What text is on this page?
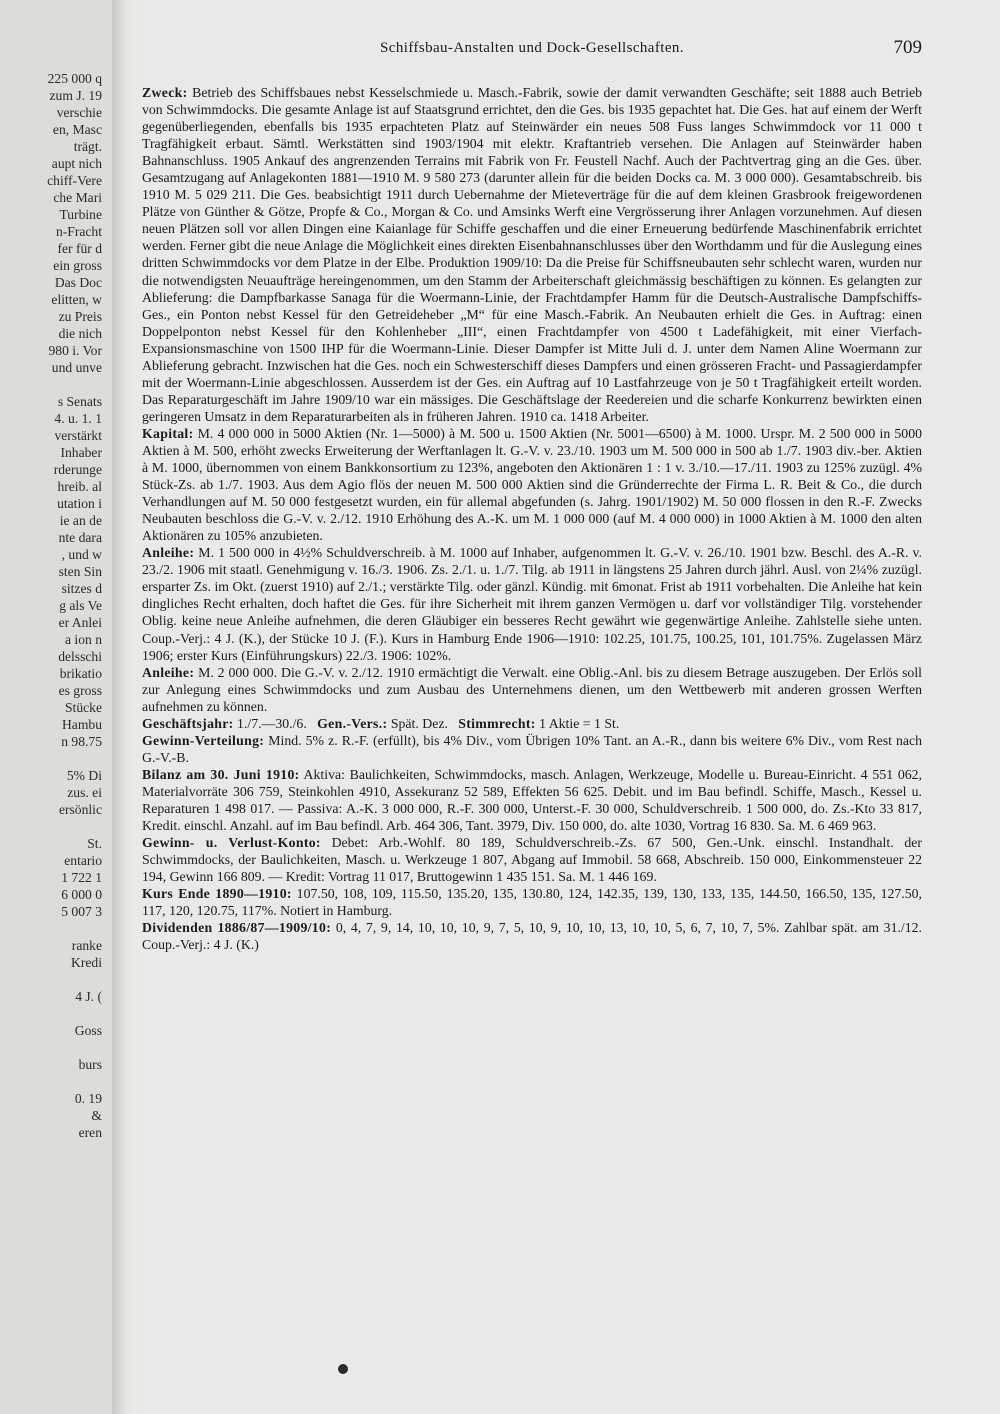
225 000 q
zum J. 19
verschie
en, Masc
trägt.
aupt nich
chiff-Vere
che Mari
Turbine
n-Fracht
fer für d
ein gross
Das Doc
elitten, w
zu Preis
die nich
980 i. Vor
und unve

s Senats
4. u. 1. 1
verstärkt
Inhaber
rderunge
hreib. al
utation i
ie an de
nte dara
, und w
sten Sin
sitzes d
g als Ve
er Anlei
a ion n
delsschi
brikatio
es gross
Stücke
Hambu
n 98.75

5% Di
zus. ei
ersönlic

St.
entario
1 722 1
6 000 0
5 007 3

ranke
Kredi

4 J. (

Goss

burs

0. 19
&
eren
Schiffsbau-Anstalten und Dock-Gesellschaften.	709

Zweck: Betrieb des Schiffsbaues nebst Kesselschmiede u. Masch.-Fabrik, sowie der damit verwandten Geschäfte; seit 1888 auch Betrieb von Schwimmdocks. Die gesamte Anlage ist auf Staatsgrund errichtet, den die Ges. bis 1935 gepachtet hat. Die Ges. hat auf einem der Werft gegenüberliegenden, ebenfalls bis 1935 erpachteten Platz auf Steinwärder ein neues 508 Fuss langes Schwimmdock vor 11 000 t Tragfähigkeit erbaut. Sämtl. Werkstätten sind 1903/1904 mit elektr. Kraftantrieb versehen. Die Anlagen auf Steinwärder haben Bahnanschluss. 1905 Ankauf des angrenzenden Terrains mit Fabrik von Fr. Feustell Nachf. Auch der Pachtvertrag ging an die Ges. über. Gesamtzugang auf Anlagekonten 1881—1910 M. 9 580 273 (darunter allein für die beiden Docks ca. M. 3 000 000). Gesamtabschreib. bis 1910 M. 5 029 211. Die Ges. beabsichtigt 1911 durch Uebernahme der Mieteverträge für die auf dem kleinen Grasbrook freigewordenen Plätze von Günther & Götze, Propfe & Co., Morgan & Co. und Amsinks Werft eine Vergrösserung ihrer Anlagen vorzunehmen. Auf diesen neuen Plätzen soll vor allen Dingen eine Kaianlage für Schiffe geschaffen und die einer Erneuerung bedürfende Maschinenfabrik errichtet werden. Ferner gibt die neue Anlage die Möglichkeit eines direkten Eisenbahnanschlusses über den Worthdamm und für die Auslegung eines dritten Schwimmdocks vor dem Platze in der Elbe. Produktion 1909/10: Da die Preise für Schiffsneubauten sehr schlecht waren, wurden nur die notwendigsten Neuaufträge hereingenommen, um den Stamm der Arbeiterschaft gleichmässig beschäftigen zu können. Es gelangten zur Ablieferung: die Dampfbarkasse Sanaga für die Woermann-Linie, der Frachtdampfer Hamm für die Deutsch-Australische Dampfschiffs-Ges., ein Ponton nebst Kessel für den Getreideheber „M“ für eine Masch.-Fabrik. An Neubauten erhielt die Ges. in Auftrag: einen Doppelponton nebst Kessel für den Kohlenheber „III“, einen Frachtdampfer von 4500 t Ladefähigkeit, mit einer Vierfach-Expansionsmaschine von 1500 IHP für die Woermann-Linie. Dieser Dampfer ist Mitte Juli d. J. unter dem Namen Aline Woermann zur Ablieferung gebracht. Inzwischen hat die Ges. noch ein Schwesterschiff dieses Dampfers und einen grösseren Fracht- und Passagierdampfer mit der Woermann-Linie abgeschlossen. Ausserdem ist der Ges. ein Auftrag auf 10 Lastfahrzeuge von je 50 t Tragfähigkeit erteilt worden. Das Reparaturgeschäft im Jahre 1909/10 war ein mässiges. Die Geschäftslage der Reedereien und die scharfe Konkurrenz bewirkten einen geringeren Umsatz in dem Reparaturarbeiten als in früheren Jahren. 1910 ca. 1418 Arbeiter.

Kapital: M. 4 000 000 in 5000 Aktien (Nr. 1—5000) à M. 500 u. 1500 Aktien (Nr. 5001—6500) à M. 1000. Urspr. M. 2 500 000 in 5000 Aktien à M. 500, erhöht zwecks Erweiterung der Werftanlagen lt. G.-V. v. 23./10. 1903 um M. 500 000 in 500 ab 1./7. 1903 div.-ber. Aktien à M. 1000, übernommen von einem Bankkonsortium zu 123%, angeboten den Aktionären 1 : 1 v. 3./10.—17./11. 1903 zu 125% zuzügl. 4% Stück-Zs. ab 1./7. 1903. Aus dem Agio flös der neuen M. 500 000 Aktien sind die Gründerrechte der Firma L. R. Beit & Co., die durch Verhandlungen auf M. 50 000 festgesetzt wurden, ein für allemal abgefunden (s. Jahrg. 1901/1902) M. 50 000 flossen in den R.-F. Zwecks Neubauten beschloss die G.-V. v. 2./12. 1910 Erhöhung des A.-K. um M. 1 000 000 (auf M. 4 000 000) in 1000 Aktien à M. 1000 den alten Aktionären zu 105% anzubieten.

Anleihe: M. 1 500 000 in 4½% Schuldverschreib. à M. 1000 auf Inhaber, aufgenommen lt. G.-V. v. 26./10. 1901 bzw. Beschl. des A.-R. v. 23./2. 1906 mit staatl. Genehmigung v. 16./3. 1906. Zs. 2./1. u. 1./7. Tilg. ab 1911 in längstens 25 Jahren durch jährl. Ausl. von 2¼% zuzügl. ersparter Zs. im Okt. (zuerst 1910) auf 2./1.; verstärkte Tilg. oder gänzl. Kündig. mit 6monat. Frist ab 1911 vorbehalten. Die Anleihe hat kein dingliches Recht erhalten, doch haftet die Ges. für ihre Sicherheit mit ihrem ganzen Vermögen u. darf vor vollständiger Tilg. vorstehender Oblig. keine neue Anleihe aufnehmen, die deren Gläubiger ein besseres Recht gewährt wie gegenwärtige Anleihe. Zahlstelle siehe unten. Coup.-Verj.: 4 J. (K.), der Stücke 10 J. (F.). Kurs in Hamburg Ende 1906—1910: 102.25, 101.75, 100.25, 101, 101.75%. Zugelassen März 1906; erster Kurs (Einführungskurs) 22./3. 1906: 102%.

Anleihe: M. 2 000 000. Die G.-V. v. 2./12. 1910 ermächtigt die Verwalt. eine Oblig.-Anl. bis zu diesem Betrage auszugeben. Der Erlös soll zur Anlegung eines Schwimmdocks und zum Ausbau des Unternehmens dienen, um den Wettbewerb mit anderen grossen Werften aufnehmen zu können.

Geschäftsjahr: 1./7.—30./6. Gen.-Vers.: Spät. Dez. Stimmrecht: 1 Aktie = 1 St.

Gewinn-Verteilung: Mind. 5% z. R.-F. (erfüllt), bis 4% Div., vom Übrigen 10% Tant. an A.-R., dann bis weitere 6% Div., vom Rest nach G.-V.-B.

Bilanz am 30. Juni 1910: Aktiva: Baulichkeiten, Schwimmdocks, masch. Anlagen, Werkzeuge, Modelle u. Bureau-Einricht. 4 551 062, Materialvorräte 306 759, Steinkohlen 4910, Assekuranz 52 589, Effekten 56 625. Debit. und im Bau befindl. Schiffe, Masch., Kessel u. Reparaturen 1 498 017. — Passiva: A.-K. 3 000 000, R.-F. 300 000, Unterst.-F. 30 000, Schuldverschreib. 1 500 000, do. Zs.-Kto 33 817, Kredit. einschl. Anzahl. auf im Bau befindl. Arb. 464 306, Tant. 3979, Div. 150 000, do. alte 1030, Vortrag 16 830. Sa. M. 6 469 963.

Gewinn- u. Verlust-Konto: Debet: Arb.-Wohlf. 80 189, Schuldverschreib.-Zs. 67 500, Gen.-Unk. einschl. Instandhalt. der Schwimmdocks, der Baulichkeiten, Masch. u. Werkzeuge 1 807, Abgang auf Immobil. 58 668, Abschreib. 150 000, Einkommensteuer 22 194, Gewinn 166 809. — Kredit: Vortrag 11 017, Bruttogewinn 1 435 151. Sa. M. 1 446 169.

Kurs Ende 1890—1910: 107.50, 108, 109, 115.50, 135.20, 135, 130.80, 124, 142.35, 139, 130, 133, 135, 144.50, 166.50, 135, 127.50, 117, 120, 120.75, 117%. Notiert in Hamburg.

Dividenden 1886/87—1909/10: 0, 4, 7, 9, 14, 10, 10, 10, 9, 7, 5, 10, 9, 10, 10, 13, 10, 10, 5, 6, 7, 10, 7, 5%. Zahlbar spät. am 31./12. Coup.-Verj.: 4 J. (K.)
